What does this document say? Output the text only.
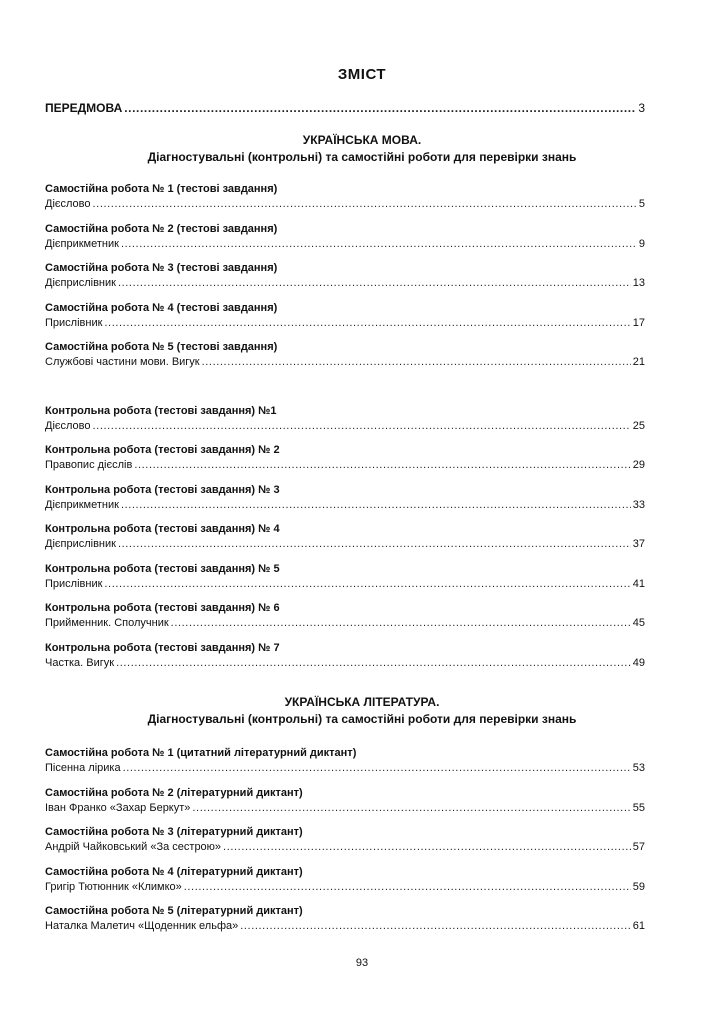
ЗМІСТ
ПЕРЕДМОВА .....	3
УКРАЇНСЬКА МОВА.
Діагностувальні (контрольні) та самостійні роботи для перевірки знань
Самостійна робота № 1 (тестові завдання)
Дієслово .....	5
Самостійна робота № 2 (тестові завдання)
Дієприкметник .....	9
Самостійна робота № 3 (тестові завдання)
Дієприслівник .....	13
Самостійна робота № 4 (тестові завдання)
Прислівник .....	17
Самостійна робота № 5 (тестові завдання)
Службові частини мови. Вигук .....	21
Контрольна робота (тестові завдання) №1
Дієслово .....	25
Контрольна робота (тестові завдання) № 2
Правопис дієслів .....	29
Контрольна робота (тестові завдання) № 3
Дієприкметник .....	33
Контрольна робота (тестові завдання) № 4
Дієприслівник .....	37
Контрольна робота (тестові завдання) № 5
Прислівник .....	41
Контрольна робота (тестові завдання) № 6
Прийменник. Сполучник .....	45
Контрольна робота (тестові завдання) № 7
Частка. Вигук .....	49
УКРАЇНСЬКА ЛІТЕРАТУРА.
Діагностувальні (контрольні) та самостійні роботи для перевірки знань
Самостійна робота № 1 (цитатний літературний диктант)
Пісенна лірика .....	53
Самостійна робота № 2 (літературний диктант)
Іван Франко «Захар Беркут» .....	55
Самостійна робота № 3 (літературний диктант)
Андрій Чайковський «За сестрою» .....	57
Самостійна робота № 4 (літературний диктант)
Григір Тютюнник «Климко» .....	59
Самостійна робота № 5 (літературний диктант)
Наталка Малетич «Щоденник ельфа» .....	61
93
